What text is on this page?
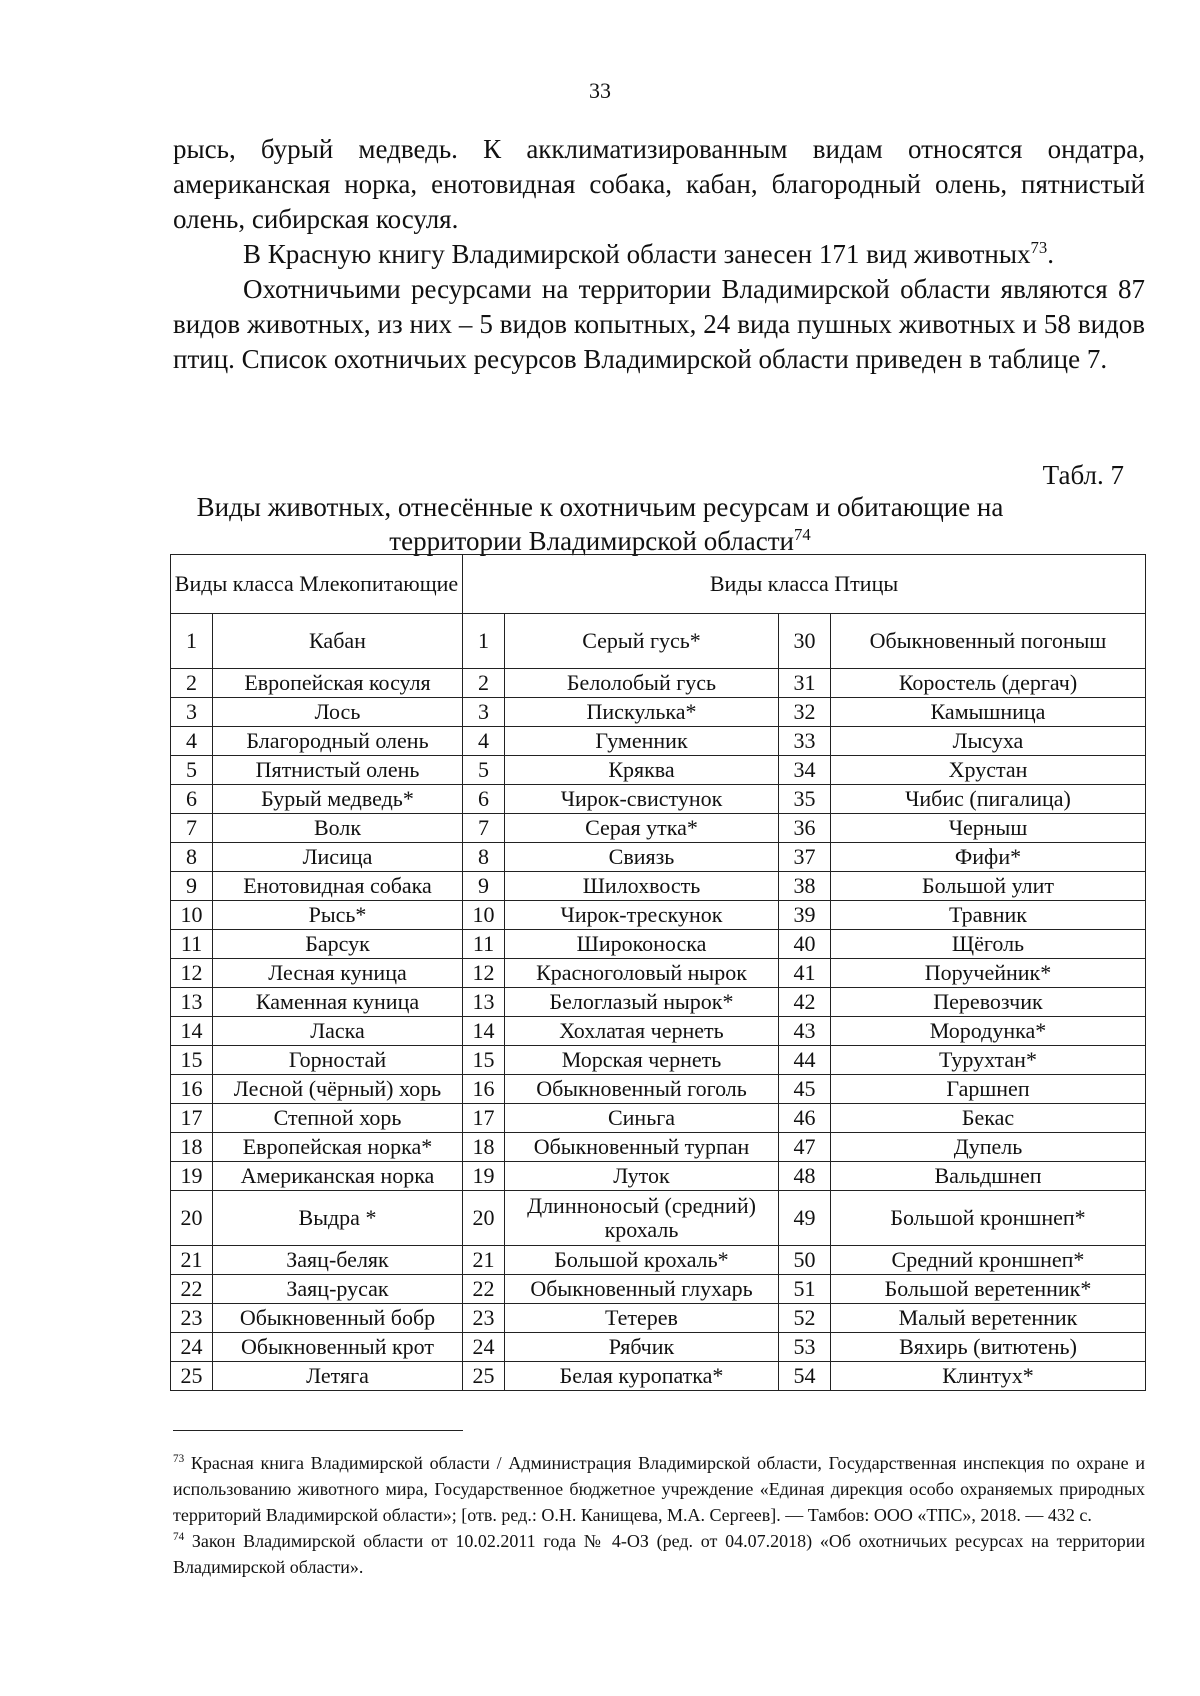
33

рысь, бурый медведь. К акклиматизированным видам относятся ондатра, американская норка, енотовидная собака, кабан, благородный олень, пятнистый олень, сибирская косуля.

В Красную книгу Владимирской области занесен 171 вид животных$^{73}$.

Охотничьими ресурсами на территории Владимирской области являются 87 видов животных, из них – 5 видов копытных, 24 вида пушных животных и 58 видов птиц. Список охотничьих ресурсов Владимирской области приведен в таблице 7.

Табл. 7
Виды животных, отнесённые к охотничьим ресурсам и обитающие на
территории Владимирской области$^{74}$
Виды класса Млекопитающие		Виды класса Птицы			
1	Кабан	1	Серый гусь*	30	Обыкновенный погоныш
2	Европейская косуля	2	Белолобый гусь	31	Коростель (дергач)
3	Лось	3	Пискулька*	32	Камышница
4	Благородный олень	4	Гуменник	33	Лысуха
5	Пятнистый олень	5	Кряква	34	Хрустан
6	Бурый медведь*	6	Чирок-свистунок	35	Чибис (пигалица)
7	Волк	7	Серая утка*	36	Черныш
8	Лисица	8	Свиязь	37	Фифи*
9	Енотовидная собака	9	Шилохвость	38	Большой улит
10	Рысь*	10	Чирок-трескунок	39	Травник
11	Барсук	11	Широконоска	40	Щёголь
12	Лесная куница	12	Красноголовый нырок	41	Поручейник*
13	Каменная куница	13	Белоглазый нырок*	42	Перевозчик
14	Ласка	14	Хохлатая чернеть	43	Мородунка*
15	Горностай	15	Морская чернеть	44	Турухтан*
16	Лесной (чёрный) хорь	16	Обыкновенный гоголь	45	Гаршнеп
17	Степной хорь	17	Синьга	46	Бекас
18	Европейская норка*	18	Обыкновенный турпан	47	Дупель
19	Американская норка	19	Луток	48	Вальдшнеп
20	Выдра *	20	Длинноносый (средний) крохаль	49	Большой кроншнеп*
21	Заяц-беляк	21	Большой крохаль*	50	Средний кроншнеп*
22	Заяц-русак	22	Обыкновенный глухарь	51	Большой веретенник*
23	Обыкновенный бобр	23	Тетерев	52	Малый веретенник
24	Обыкновенный крот	24	Рябчик	53	Вяхирь (витютень)
25	Летяга	25	Белая куропатка*	54	Клинтух*

$^{73}$ Красная книга Владимирской области / Администрация Владимирской области, Государственная инспекция по охране и использованию животного мира, Государственное бюджетное учреждение «Единая дирекция особо охраняемых природных территорий Владимирской области»; [отв. ред.: О.Н. Канищева, М.А. Сергеев]. — Тамбов: ООО «ТПС», 2018. — 432 с.

$^{74}$ Закон Владимирской области от 10.02.2011 года № 4-ОЗ (ред. от 04.07.2018) «Об охотничьих ресурсах на территории Владимирской области».
